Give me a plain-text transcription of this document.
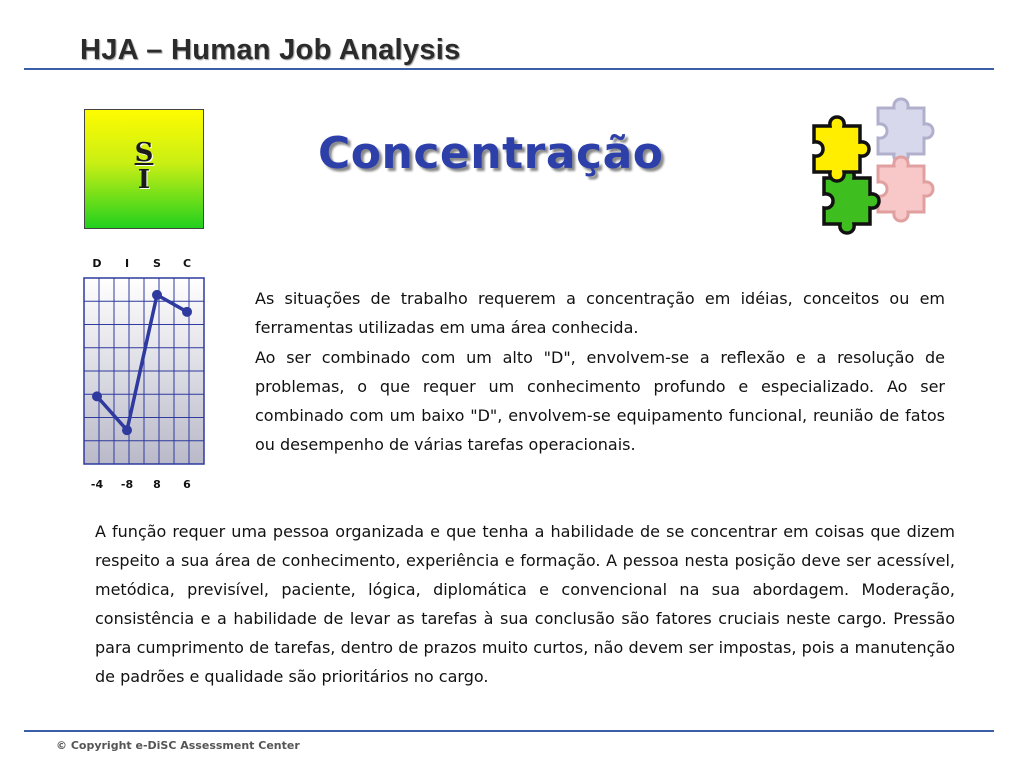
HJA – Human Job Analysis
S
I
Concentração
D I S C
-4 -8 8 6

As situações de trabalho requerem a concentração em idéias, conceitos ou em ferramentas utilizadas em uma área conhecida.

Ao ser combinado com um alto "D", envolvem-se a reflexão e a resolução de problemas, o que requer um conhecimento profundo e especializado. Ao ser combinado com um baixo "D", envolvem-se equipamento funcional, reunião de fatos ou desempenho de várias tarefas operacionais.

A função requer uma pessoa organizada e que tenha a habilidade de se concentrar em coisas que dizem respeito a sua área de conhecimento, experiência e formação. A pessoa nesta posição deve ser acessível, metódica, previsível, paciente, lógica, diplomática e convencional na sua abordagem. Moderação, consistência e a habilidade de levar as tarefas à sua conclusão são fatores cruciais neste cargo. Pressão para cumprimento de tarefas, dentro de prazos muito curtos, não devem ser impostas, pois a manutenção de padrões e qualidade são prioritários no cargo.

© Copyright e-DiSC Assessment Center
